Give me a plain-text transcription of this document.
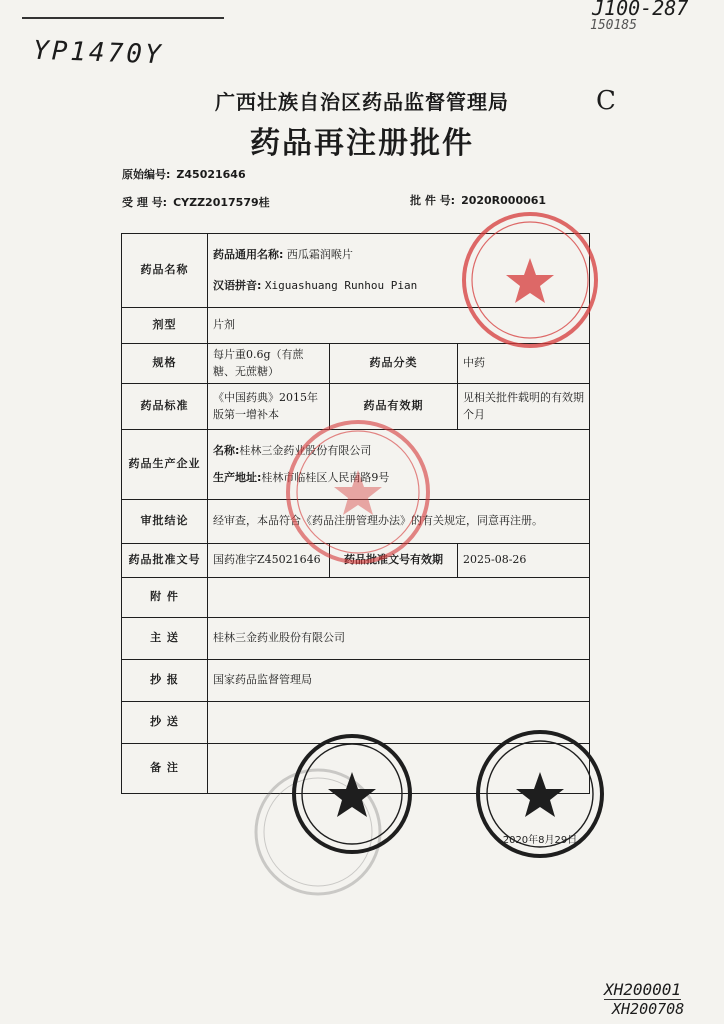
YP1470Y
J100-287
150185
C
XH200001
XH200708
广西壮族自治区药品监督管理局
药品再注册批件
原始编号: Z45021646
受 理 号: CYZZ2017579桂	批 件 号: 2020R000061
药品名称	药品通用名称: 西瓜霜润喉片
汉语拼音: Xiguashuang Runhou Pian		

剂型	片剂		
规格	每片重0.6g（有蔗糖、无蔗糖）	药品分类	中药
药品标准	《中国药典》2015年版第一增补本	药品有效期	见相关批件载明的有效期 个月
药品生产企业	名称:桂林三金药业股份有限公司
生产地址:桂林市临桂区人民南路9号		

审批结论	经审查，本品符合《药品注册管理办法》的有关规定，同意再注册。		
药品批准文号	国药准字Z45021646	药品批准文号有效期	2025-08-26
附 件			
主 送	桂林三金药业股份有限公司		
抄 报	国家药品监督管理局		
抄 送			
备 注			
2020年8月29日
